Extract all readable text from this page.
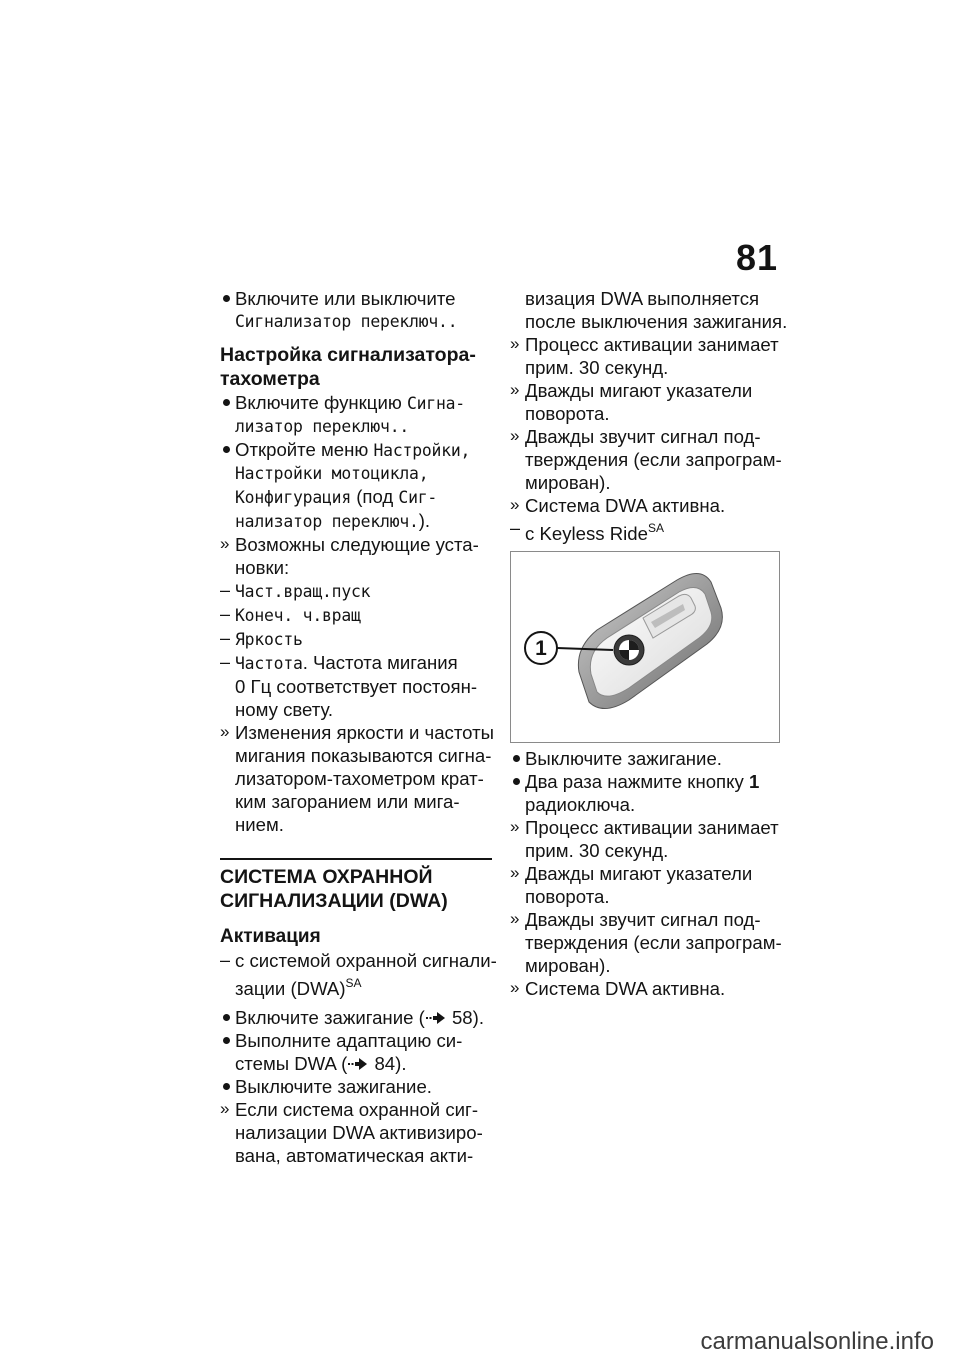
81
Включите или выключите
Сигнализатор переключ..
Настройка сигнализатора-
тахометра
Включите функцию Сигна-
лизатор переключ..
Откройте меню Настройки,
Настройки мотоцикла,
Конфигурация (под Сиг-
нализатор переключ.).
» Возможны следующие уста-
новки:
– Част.вращ.пуск
– Конеч. ч.вращ
– Яркость
– Частота. Частота мигания
0 Гц соответствует постоян-
ному свету.
» Изменения яркости и частоты
мигания показываются сигна-
лизатором-тахометром крат-
ким загоранием или мига-
нием.
СИСТЕМА ОХРАННОЙ
СИГНАЛИЗАЦИИ (DWA)
Активация
– с системой охранной сигнали-
зации (DWA)$^{SA}$
Включите зажигание ( 58).
Выполните адаптацию си-
стемы DWA ( 84).
Выключите зажигание.
» Если система охранной сиг-
нализации DWA активизиро-
вана, автоматическая акти-
визация DWA выполняется
после выключения зажигания.
» Процесс активации занимает
прим. 30 секунд.
» Дважды мигают указатели
поворота.
» Дважды звучит сигнал под-
тверждения (если запрограм-
мирован).
» Система DWA активна.
– с Keyless Ride$^{SA}$
1
Выключите зажигание.
Два раза нажмите кнопку 1
радиоключа.
» Процесс активации занимает
прим. 30 секунд.
» Дважды мигают указатели
поворота.
» Дважды звучит сигнал под-
тверждения (если запрограм-
мирован).
» Система DWA активна.
carmanualsonline.info
